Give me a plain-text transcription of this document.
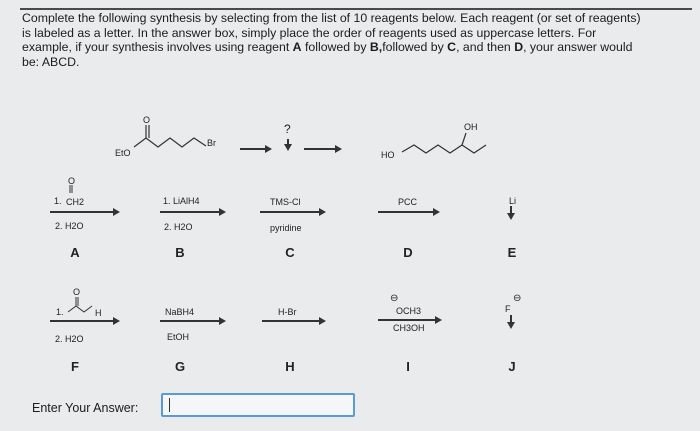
Complete the following synthesis by selecting from the list of 10 reagents below. Each reagent (or set of reagents)
is labeled as a letter. In the answer box, simply place the order of reagents used as uppercase letters. For
example, if your synthesis involves using reagent A followed by B,followed by C, and then D, your answer would
be: ABCD.

EtO
O
Br
?
HO
OH
1.
O
CH2
2. H2O
A
1. LiAlH4
2. H2O
B
TMS-Cl
pyridine
C
PCC
D
Li
E
1.
O
H
2. H2O
F
NaBH4
EtOH
G
H-Br
H
⊖
OCH3
CH3OH
I
⊖
F
J
Enter Your Answer:
